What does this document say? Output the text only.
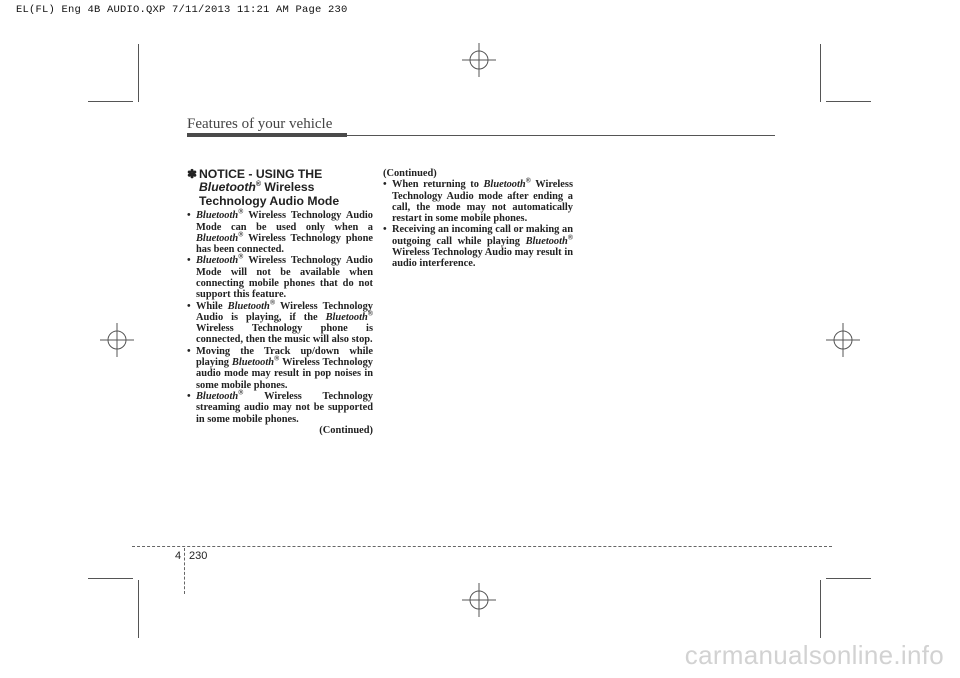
EL(FL) Eng 4B AUDIO.QXP 7/11/2013 11:21 AM Page 230
Features of your vehicle
✽ NOTICE - USING THE
Bluetooth® Wireless
Technology Audio Mode
• Bluetooth® Wireless Technology Audio Mode can be used only when a Bluetooth® Wireless Technology phone has been connected.
• Bluetooth® Wireless Technology Audio Mode will not be available when connecting mobile phones that do not support this feature.
• While Bluetooth® Wireless Technology Audio is playing, if the Bluetooth® Wireless Technology phone is connected, then the music will also stop.
• Moving the Track up/down while playing Bluetooth® Wireless Technology audio mode may result in pop noises in some mobile phones.
• Bluetooth® Wireless Technology streaming audio may not be supported in some mobile phones.
(Continued)
(Continued)
• When returning to Bluetooth® Wireless Technology Audio mode after ending a call, the mode may not automatically restart in some mobile phones.
• Receiving an incoming call or making an outgoing call while playing Bluetooth® Wireless Technology Audio may result in audio interference.
4 230
carmanualsonline.info
